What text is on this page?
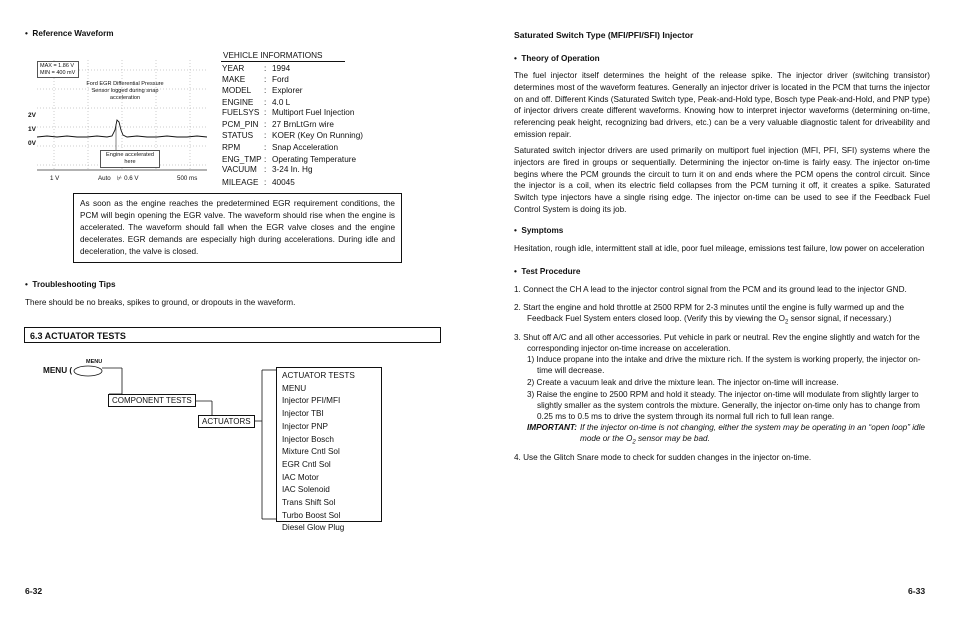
•  Reference Waveform
MAX = 1.86 V
MIN = 400 mV
Ford EGR Differential Pressure Sensor logged during snap acceleration
Engine accelerated here
2V
1V
0V
1 V	Auto ⊬ 0.6 V	500 ms
VEHICLE INFORMATIONS
YEAR : 1994
MAKE : Ford
MODEL : Explorer
ENGINE : 4.0 L
FUELSYS : Multiport Fuel Injection
PCM_PIN : 27 BrnLtGrn wire
STATUS : KOER (Key On Running)
RPM	: Snap Acceleration
ENG_TMP : Operating Temperature
VACUUM : 3-24 In. Hg
MILEAGE : 40045
As soon as the engine reaches the predetermined EGR requirement conditions, the PCM will begin opening the EGR valve. The waveform should rise when the engine is accelerated. The waveform should fall when the EGR valve closes and the engine decelerates. EGR demands are especially high during accelerations. During idle and deceleration, the valve is closed.
•  Troubleshooting Tips
There should be no breaks, spikes to ground, or dropouts in the waveform.
6.3 ACTUATOR TESTS
MENU (
MENU
COMPONENT TESTS
ACTUATORS
ACTUATOR TESTS MENU
Injector PFI/MFI
Injector TBI
Injector PNP
Injector Bosch
Mixture Cntl Sol
EGR Cntl Sol
IAC Motor
IAC Solenoid
Trans Shift Sol
Turbo Boost Sol
Diesel Glow Plug
6-32
Saturated Switch Type (MFI/PFI/SFI) Injector
•  Theory of Operation
The fuel injector itself determines the height of the release spike. The injector driver (switching transistor) determines most of the waveform features. Generally an injector driver is located in the PCM that turns the injector on and off. Different Kinds (Saturated Switch type, Peak-and-Hold type, Bosch type Peak-and-Hold, and PNP type) of injector drivers create different waveforms. Knowing how to interpret injector waveforms (determining on-time, referencing peak height, recognizing bad drivers, etc.) can be a very valuable diagnostic talent for driveability and emission repair.
Saturated switch injector drivers are used primarily on multiport fuel injection (MFI, PFI, SFI) systems where the injectors are fired in groups or sequentially. Determining the injector on-time is fairly easy. The injector on-time begins where the PCM grounds the circuit to turn it on and ends where the PCM opens the control circuit. Since the injector is a coil, when its electric field collapses from the PCM turning it off, it creates a spike. Saturated Switch type injectors have a single rising edge. The injector on-time can be used to see if the Feedback Fuel Control System is doing its job.
•  Symptoms
Hesitation, rough idle, intermittent stall at idle, poor fuel mileage, emissions test failure, low power on acceleration
•  Test Procedure
1. Connect the CH A lead to the injector control signal from the PCM and its ground lead to the injector GND.
2. Start the engine and hold throttle at 2500 RPM for 2-3 minutes until the engine is fully warmed up and the
Feedback Fuel System enters closed loop. (Verify this by viewing the $O_2$ sensor signal, if necessary.)
3. Shut off A/C and all other accessories. Put vehicle in park or neutral. Rev the engine slightly and watch for the
corresponding injector on-time increase on acceleration.
1) Induce propane into the intake and drive the mixture rich. If the system is working properly, the injector on-
time will decrease.
2) Create a vacuum leak and drive the mixture lean. The injector on-time will increase.
3) Raise the engine to 2500 RPM and hold it steady. The injector on-time will modulate from slightly larger to
slightly smaller as the system controls the mixture. Generally, the injector on-time only has to change from
0.25 ms to 0.5 ms to drive the system through its normal full rich to full lean range.
IMPORTANT: If the injector on-time is not changing, either the system may be operating in an “open loop” idle
mode or the $O_2$ sensor may be bad.
4. Use the Glitch Snare mode to check for sudden changes in the injector on-time.
6-33
